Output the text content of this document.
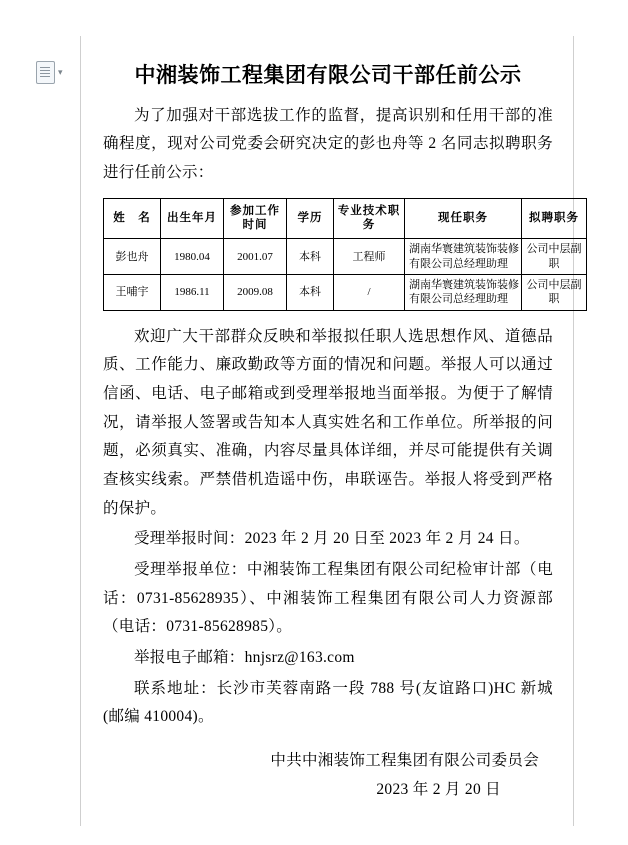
▾	中湘装饰工程集团有限公司干部任前公示

为了加强对干部选拔工作的监督，提高识别和任用干部的准确程度，现对公司党委会研究决定的彭也舟等 2 名同志拟聘职务进行任前公示：

姓　名	出生年月	参加工作时间	学历	专业技术职务	现任职务	拟聘职务
彭也舟	1980.04	2001.07	本科	工程师	湖南华寰建筑装饰装修有限公司总经理助理	公司中层副职
王哺宇	1986.11	2009.08	本科	/	湖南华寰建筑装饰装修有限公司总经理助理	公司中层副职

欢迎广大干部群众反映和举报拟任职人选思想作风、道德品质、工作能力、廉政勤政等方面的情况和问题。举报人可以通过信函、电话、电子邮箱或到受理举报地当面举报。为便于了解情况，请举报人签署或告知本人真实姓名和工作单位。所举报的问题，必须真实、准确，内容尽量具体详细，并尽可能提供有关调查核实线索。严禁借机造谣中伤，串联诬告。举报人将受到严格的保护。

受理举报时间：2023 年 2 月 20 日至 2023 年 2 月 24 日。

受理举报单位：中湘装饰工程集团有限公司纪检审计部（电话：0731-85628935）、中湘装饰工程集团有限公司人力资源部（电话：0731-85628985）。

举报电子邮箱：hnjsrz@163.com

联系地址：长沙市芙蓉南路一段 788 号(友谊路口)HC 新城(邮编 410004)。

中共中湘装饰工程集团有限公司委员会
2023 年 2 月 20 日
